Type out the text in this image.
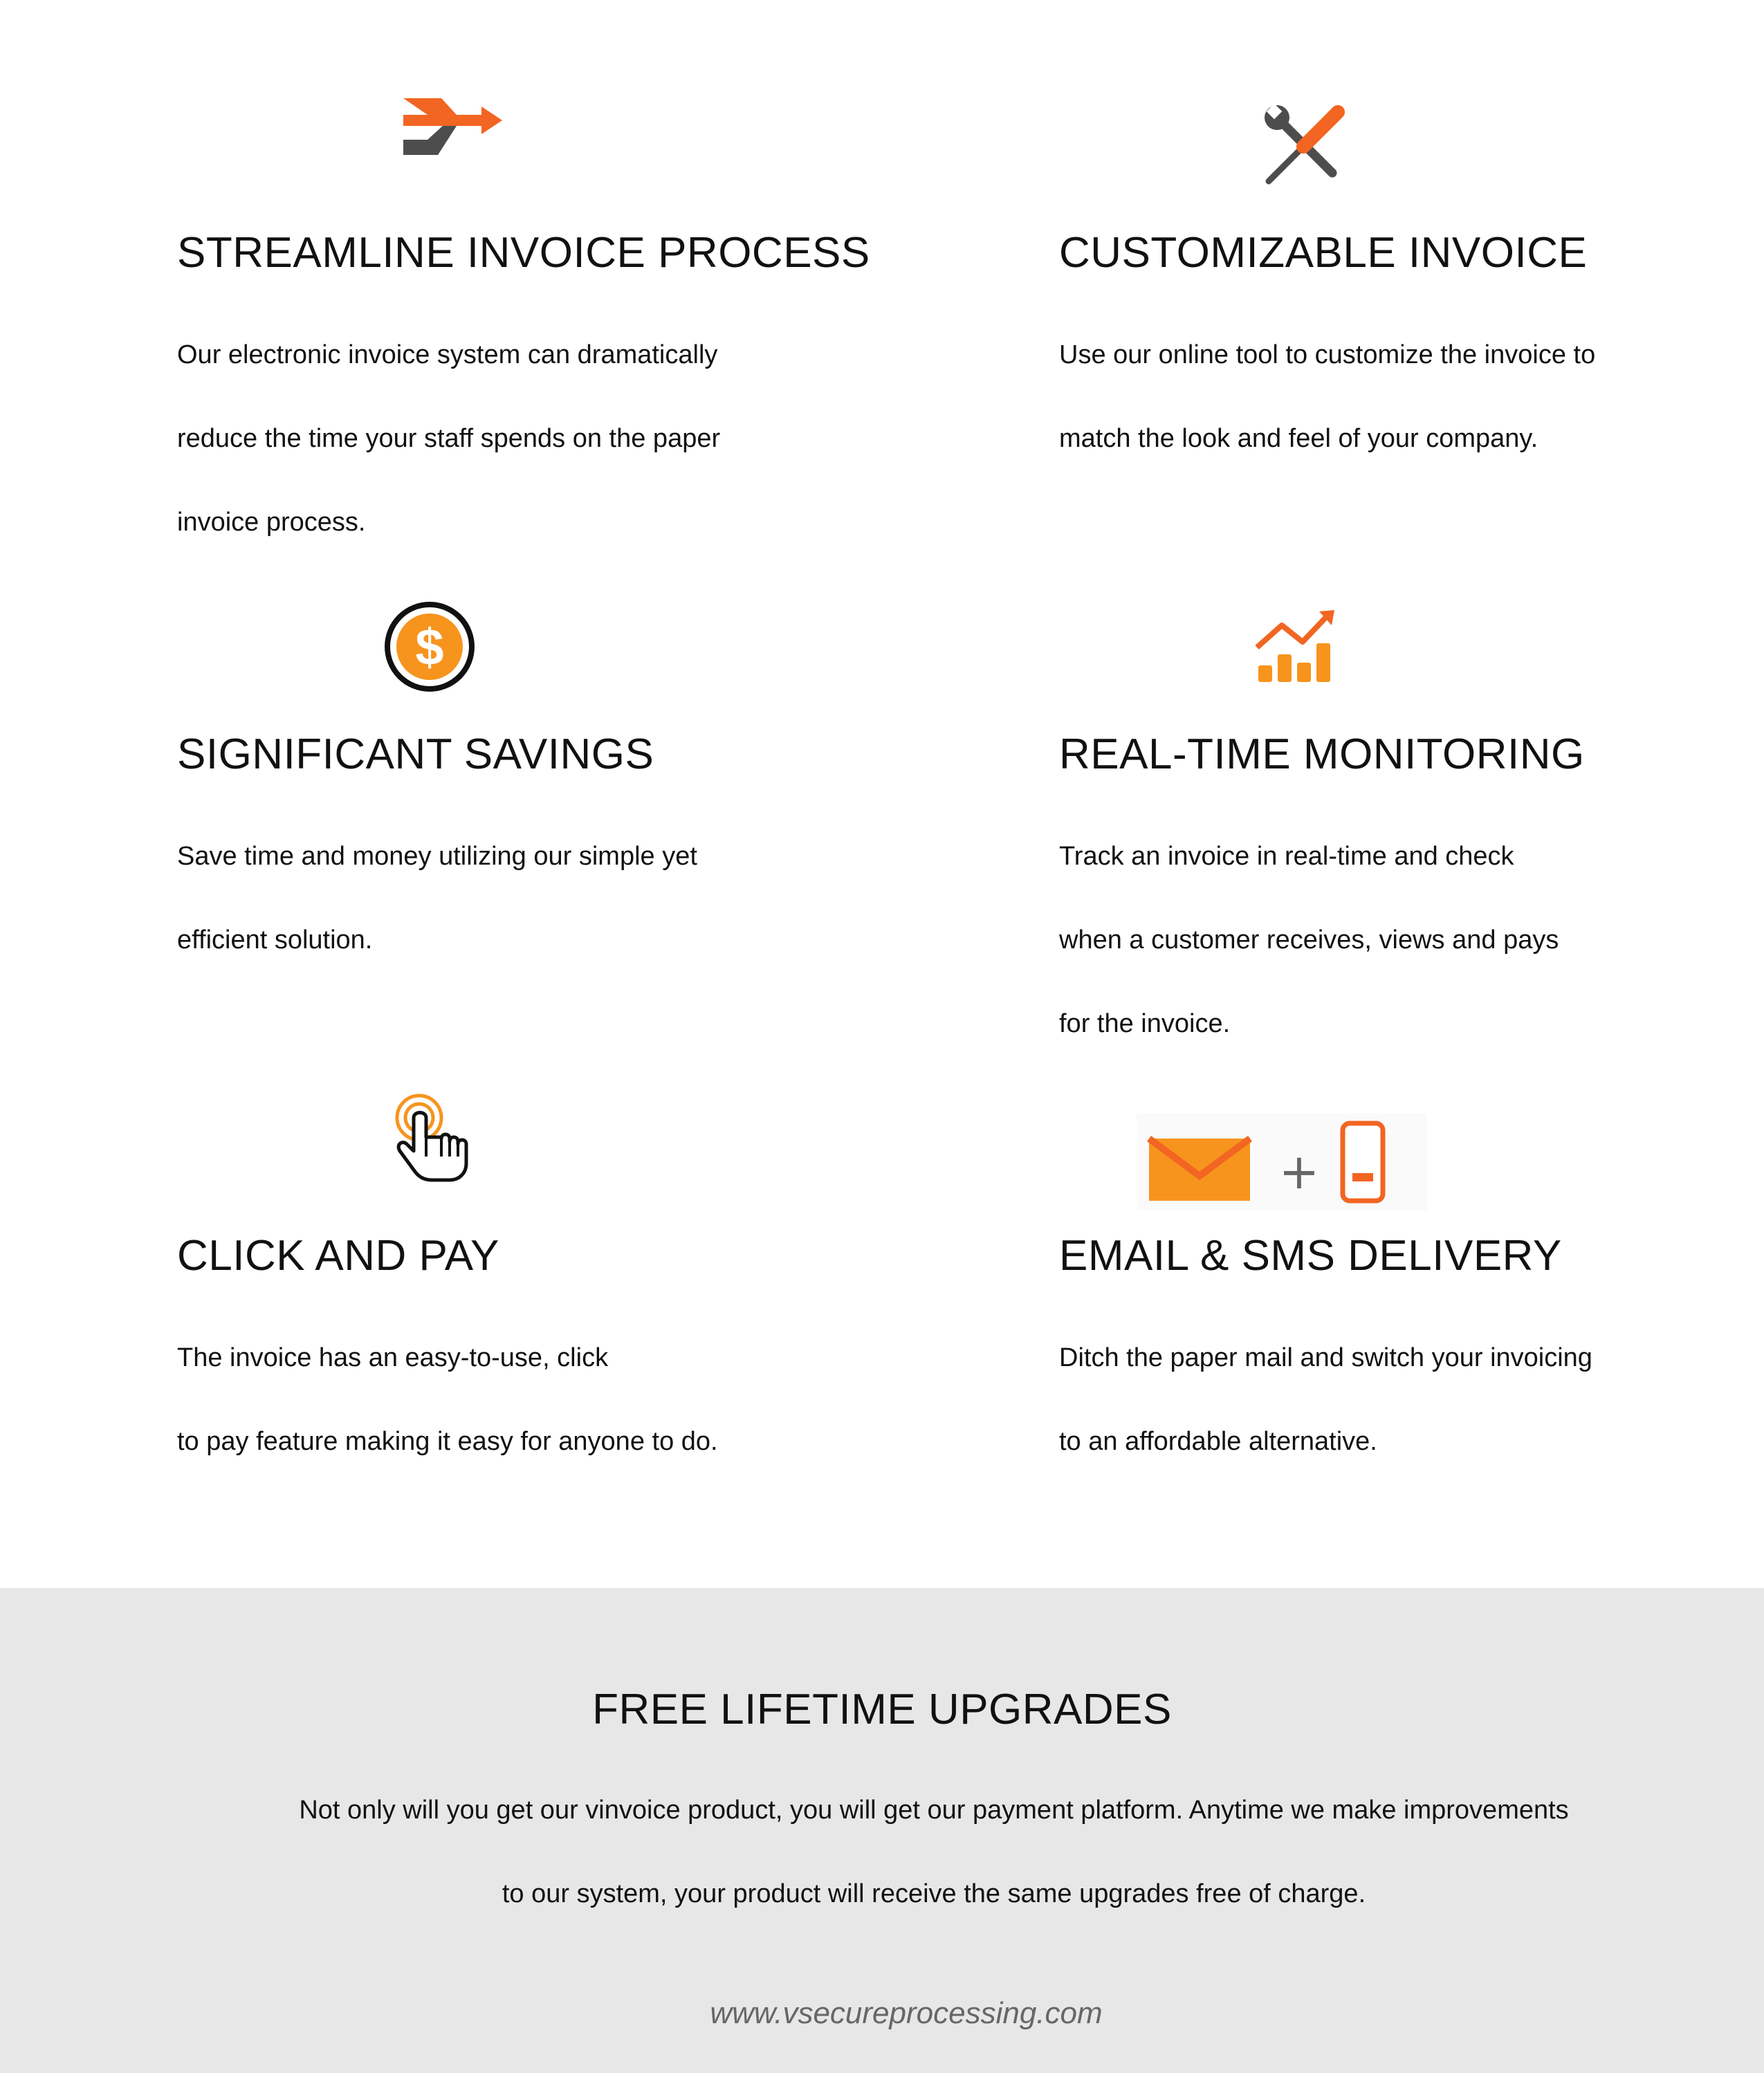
STREAMLINE INVOICE PROCESS
Our electronic invoice system can dramatically
reduce the time your staff spends on the paper
invoice process.
CUSTOMIZABLE INVOICE
Use our online tool to customize the invoice to
match the look and feel of your company.
$
SIGNIFICANT SAVINGS
Save time and money utilizing our simple yet
efficient solution.
REAL-TIME MONITORING
Track an invoice in real-time and check
when a customer receives, views and pays
for the invoice.
CLICK AND PAY
The invoice has an easy-to-use, click
to pay feature making it easy for anyone to do.
+
EMAIL & SMS DELIVERY
Ditch the paper mail and switch your invoicing
to an affordable alternative.
FREE LIFETIME UPGRADES
Not only will you get our vinvoice product, you will get our payment platform. Anytime we make improvements
to our system, your product will receive the same upgrades free of charge.
www.vsecureprocessing.com
